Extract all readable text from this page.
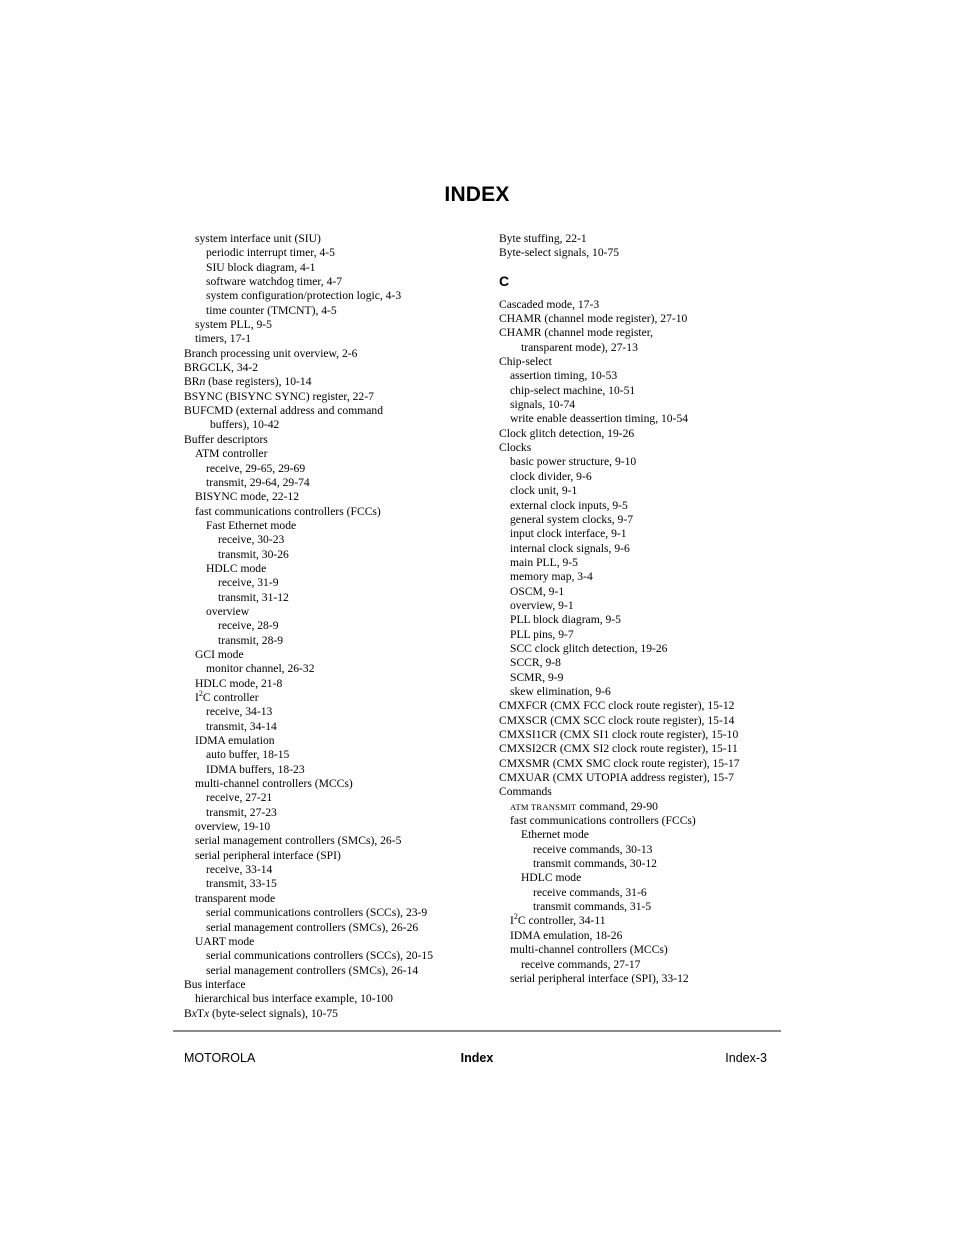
INDEX
system interface unit (SIU)
periodic interrupt timer, 4-5
SIU block diagram, 4-1
software watchdog timer, 4-7
system configuration/protection logic, 4-3
time counter (TMCNT), 4-5
system PLL, 9-5
timers, 17-1
Branch processing unit overview, 2-6
BRGCLK, 34-2
BRn (base registers), 10-14
BSYNC (BISYNC SYNC) register, 22-7
BUFCMD (external address and command
buffers), 10-42
Buffer descriptors
ATM controller
receive, 29-65, 29-69
transmit, 29-64, 29-74
BISYNC mode, 22-12
fast communications controllers (FCCs)
Fast Ethernet mode
receive, 30-23
transmit, 30-26
HDLC mode
receive, 31-9
transmit, 31-12
overview
receive, 28-9
transmit, 28-9
GCI mode
monitor channel, 26-32
HDLC mode, 21-8
$I^2C$ controller
receive, 34-13
transmit, 34-14
IDMA emulation
auto buffer, 18-15
IDMA buffers, 18-23
multi-channel controllers (MCCs)
receive, 27-21
transmit, 27-23
overview, 19-10
serial management controllers (SMCs), 26-5
serial peripheral interface (SPI)
receive, 33-14
transmit, 33-15
transparent mode
serial communications controllers (SCCs), 23-9
serial management controllers (SMCs), 26-26
UART mode
serial communications controllers (SCCs), 20-15
serial management controllers (SMCs), 26-14
Bus interface
hierarchical bus interface example, 10-100
BxTx (byte-select signals), 10-75
Byte stuffing, 22-1
Byte-select signals, 10-75
C
Cascaded mode, 17-3
CHAMR (channel mode register), 27-10
CHAMR (channel mode register,
transparent mode), 27-13
Chip-select
assertion timing, 10-53
chip-select machine, 10-51
signals, 10-74
write enable deassertion timing, 10-54
Clock glitch detection, 19-26
Clocks
basic power structure, 9-10
clock divider, 9-6
clock unit, 9-1
external clock inputs, 9-5
general system clocks, 9-7
input clock interface, 9-1
internal clock signals, 9-6
main PLL, 9-5
memory map, 3-4
OSCM, 9-1
overview, 9-1
PLL block diagram, 9-5
PLL pins, 9-7
SCC clock glitch detection, 19-26
SCCR, 9-8
SCMR, 9-9
skew elimination, 9-6
CMXFCR (CMX FCC clock route register), 15-12
CMXSCR (CMX SCC clock route register), 15-14
CMXSI1CR (CMX SI1 clock route register), 15-10
CMXSI2CR (CMX SI2 clock route register), 15-11
CMXSMR (CMX SMC clock route register), 15-17
CMXUAR (CMX UTOPIA address register), 15-7
Commands
ATM TRANSMIT command, 29-90
fast communications controllers (FCCs)
Ethernet mode
receive commands, 30-13
transmit commands, 30-12
HDLC mode
receive commands, 31-6
transmit commands, 31-5
$I^2C$ controller, 34-11
IDMA emulation, 18-26
multi-channel controllers (MCCs)
receive commands, 27-17
serial peripheral interface (SPI), 33-12
MOTOROLA	Index	Index-3
